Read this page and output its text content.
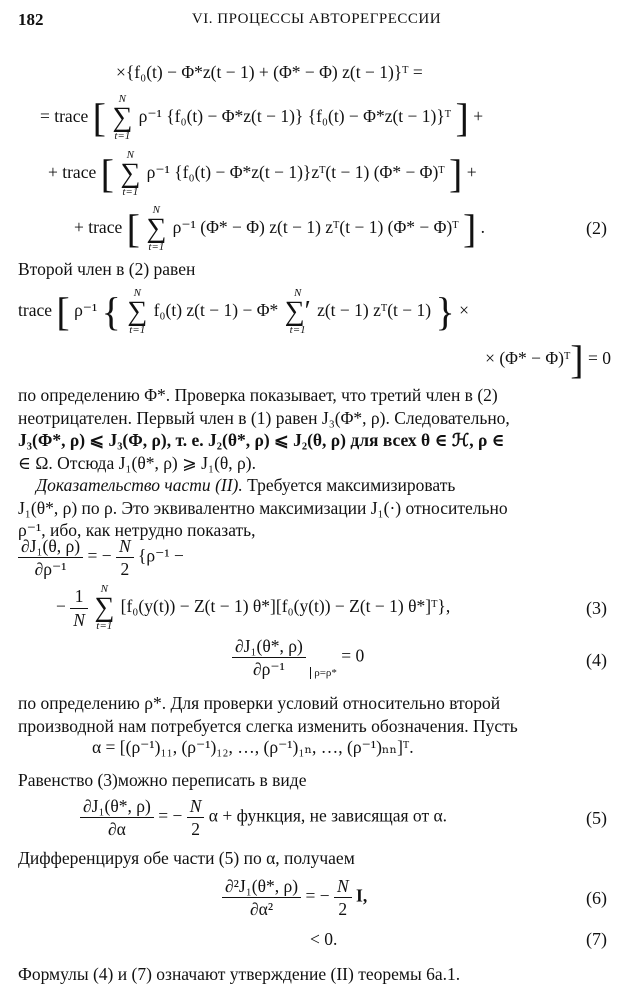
182	VI. ПРОЦЕССЫ АВТОРЕГРЕССИИ
×{f₀(t) − Φ*z(t − 1) + (Φ* − Φ) z(t − 1)}ᵀ =
= trace [	N
∑
t=1
ρ⁻¹ {f₀(t) − Φ*z(t − 1)} {f₀(t) − Φ*z(t − 1)}ᵀ ] +
+ trace [	N
∑
t=1
ρ⁻¹ {f₀(t) − Φ*z(t − 1)}zᵀ(t − 1) (Φ* − Φ)ᵀ ] +
+ trace [	N
∑
t=1
ρ⁻¹ (Φ* − Φ) z(t − 1) zᵀ(t − 1) (Φ* − Φ)ᵀ ] .	(2)
Второй член в (2) равен
trace [ ρ⁻¹ {	N
∑
t=1
f₀(t) z(t − 1) − Φ*
N
∑′
t=1
z(t − 1) zᵀ(t − 1) } ×
× (Φ* − Φ)ᵀ] = 0
по определению Φ*. Проверка показывает, что третий член в (2)
неотрицателен. Первый член в (1) равен J₃(Φ*, ρ). Следовательно,
J₃(Φ*, ρ) ⩽ J₃(Φ, ρ), т. е. J₂(θ*, ρ) ⩽ J₂(θ, ρ) для всех θ ∈ ℋ, ρ ∈
∈ Ω. Отсюда J₁(θ*, ρ) ⩾ J₁(θ, ρ).
Доказательство части (II). Требуется максимизировать
J₁(θ*, ρ) по ρ. Это эквивалентно максимизации J₁(·) относительно
ρ⁻¹, ибо, как нетрудно показать,
$\frac{\text{∂J₁(θ, ρ)}}{\text{∂ρ⁻¹}}$ = − $\frac{N}{2} \{\rho^{-1}$ −
− $\frac{1}{N}$
	N
∑
t=1
[f₀(y(t)) − Z(t − 1) θ*][f₀(y(t)) − Z(t − 1) θ*]ᵀ},	(3)
$\frac{\text{∂J₁(θ*, ρ)}}{\text{∂ρ⁻¹}} \rho=\rho* = 0$	(4)
по определению ρ*. Для проверки условий относительно второй
производной нам потребуется слегка изменить обозначения. Пусть
α = [(ρ⁻¹)₁₁, (ρ⁻¹)₁₂, …, (ρ⁻¹)₁ₙ, …, (ρ⁻¹)ₙₙ]ᵀ.
Равенство (3)можно переписать в виде
$\frac{\text{∂J₁(θ*, ρ)}}{\partial\alpha}$ = − $\frac{N}{2}$ α + функция, не зависящая от α.	(5)
Дифференцируя обе части (5) по α, получаем
$\frac{\text{∂²J₁(θ*, ρ)}}{\text{∂α²}}$ = − $\frac{N}{2} I$,	(6)
< 0.	(7)
Формулы (4) и (7) означают утверждение (II) теоремы 6а.1.
